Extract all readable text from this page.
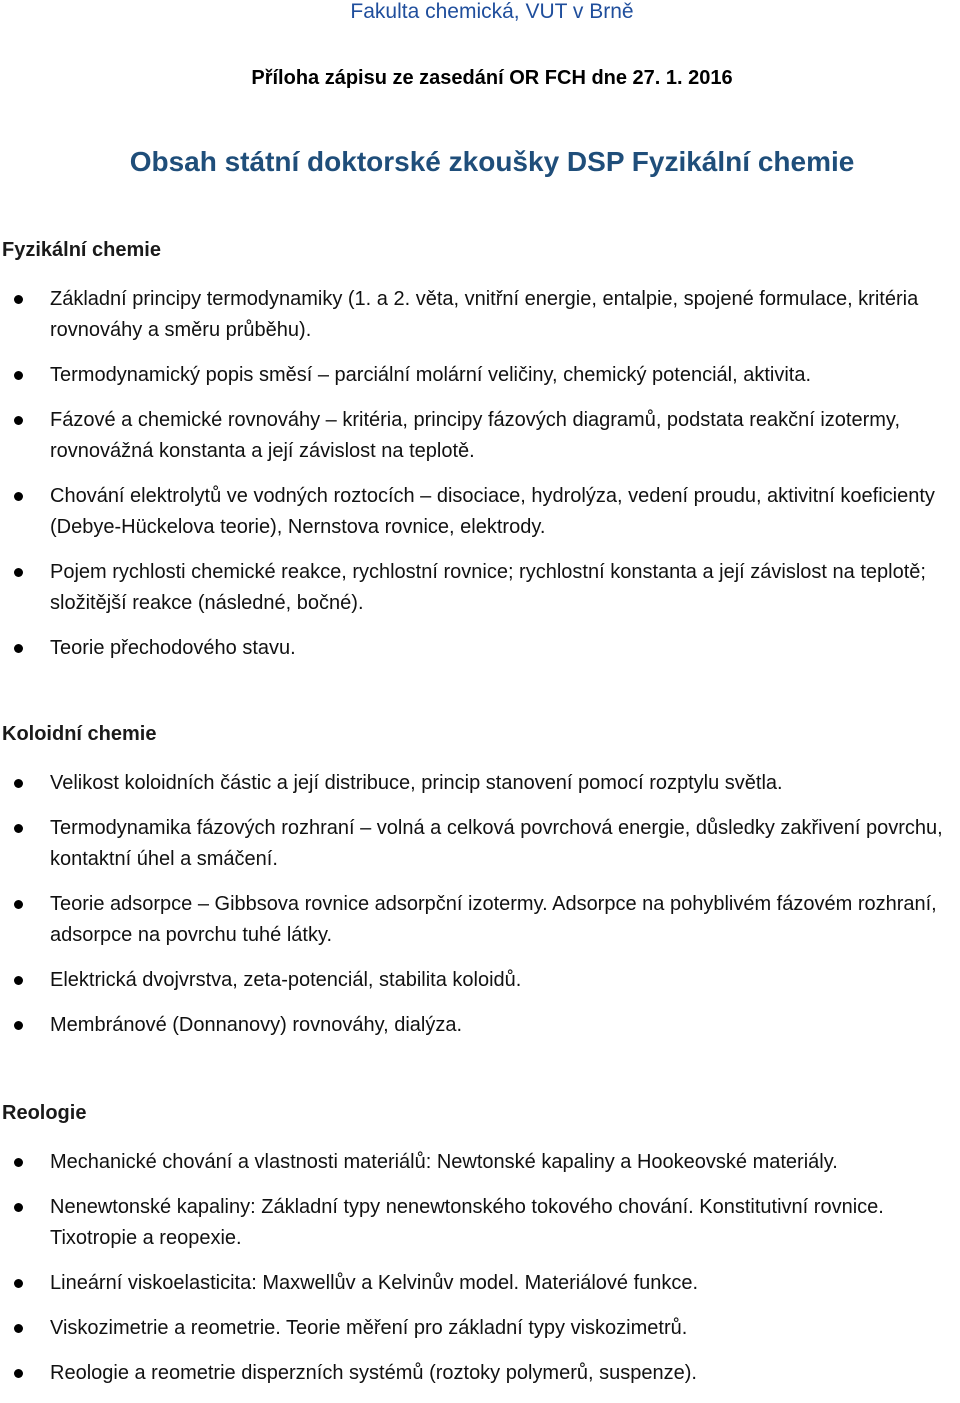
Fakulta chemická, VUT v Brně
Příloha zápisu ze zasedání OR FCH dne 27. 1. 2016
Obsah státní doktorské zkoušky DSP Fyzikální chemie
Fyzikální chemie
Základní principy termodynamiky (1. a 2. věta, vnitřní energie, entalpie, spojené formulace, kritéria rovnováhy a směru průběhu).
Termodynamický popis směsí – parciální molární veličiny, chemický potenciál, aktivita.
Fázové a chemické rovnováhy – kritéria, principy fázových diagramů, podstata reakční izotermy, rovnovážná konstanta a její závislost na teplotě.
Chování elektrolytů ve vodných roztocích – disociace, hydrolýza, vedení proudu, aktivitní koeficienty (Debye-Hückelova teorie), Nernstova rovnice, elektrody.
Pojem rychlosti chemické reakce, rychlostní rovnice; rychlostní konstanta a její závislost na teplotě; složitější reakce (následné, bočné).
Teorie přechodového stavu.
Koloidní chemie
Velikost koloidních částic a její distribuce, princip stanovení pomocí rozptylu světla.
Termodynamika fázových rozhraní – volná a celková povrchová energie, důsledky zakřivení povrchu, kontaktní úhel a smáčení.
Teorie adsorpce – Gibbsova rovnice adsorpční izotermy. Adsorpce na pohyblivém fázovém rozhraní, adsorpce na povrchu tuhé látky.
Elektrická dvojvrstva, zeta-potenciál, stabilita koloidů.
Membránové (Donnanovy) rovnováhy, dialýza.
Reologie
Mechanické chování a vlastnosti materiálů: Newtonské kapaliny a Hookeovské materiály.
Nenewtonské kapaliny: Základní typy nenewtonského tokového chování. Konstitutivní rovnice. Tixotropie a reopexie.
Lineární viskoelasticita: Maxwellův a Kelvinův model. Materiálové funkce.
Viskozimetrie a reometrie. Teorie měření pro základní typy viskozimetrů.
Reologie a reometrie disperzních systémů (roztoky polymerů, suspenze).
